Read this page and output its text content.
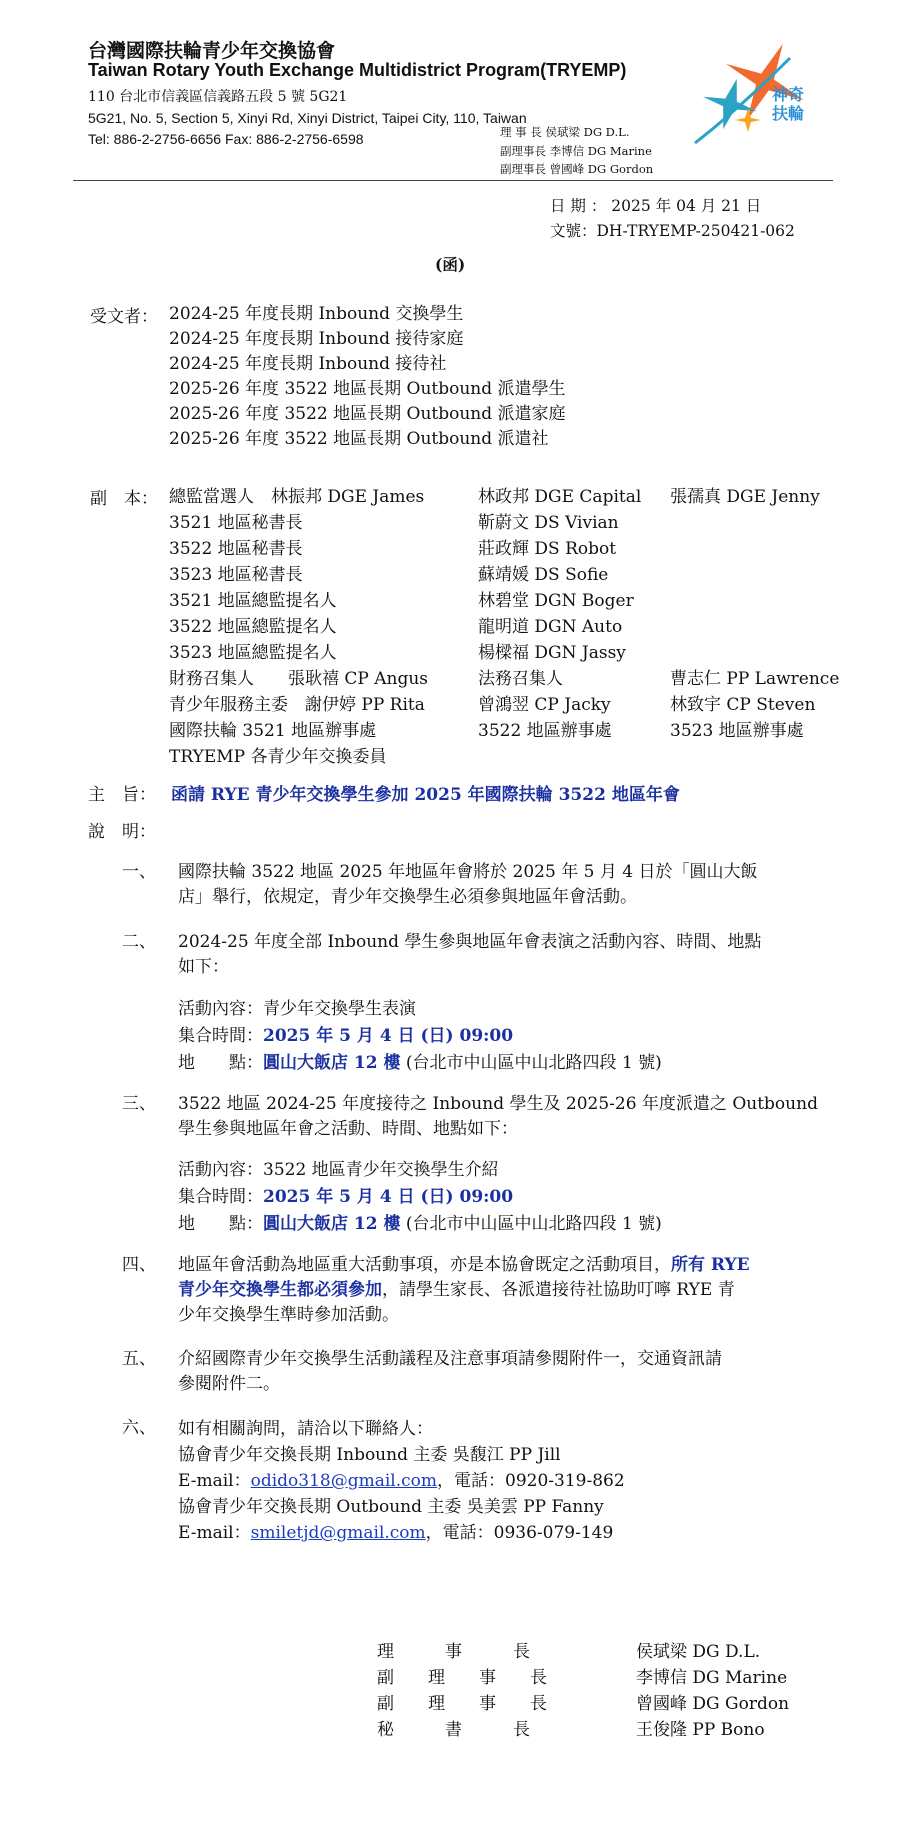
台灣國際扶輪青少年交換協會
Taiwan Rotary Youth Exchange Multidistrict Program(TRYEMP)
110 台北市信義區信義路五段 5 號 5G21
5G21, No. 5, Section 5, Xinyi Rd, Xinyi District, Taipei City, 110, Taiwan
Tel: 886-2-2756-6656 Fax: 886-2-2756-6598	理 事 長 侯珷梁 DG D.L.
副理事長 李博信 DG Marine
副理事長 曾國峰 DG Gordon
神奇
扶輪
日 期 ： 2025 年 04 月 21 日
文號：DH-TRYEMP-250421-062
(函)
受文者： 2024-25 年度長期 Inbound 交換學生
2024-25 年度長期 Inbound 接待家庭
2024-25 年度長期 Inbound 接待社
2025-26 年度 3522 地區長期 Outbound 派遣學生
2025-26 年度 3522 地區長期 Outbound 派遣家庭
2025-26 年度 3522 地區長期 Outbound 派遣社
副　本： 總監當選人　林振邦 DGE James
3521 地區秘書長
3522 地區秘書長
3523 地區秘書長
3521 地區總監提名人
3522 地區總監提名人
3523 地區總監提名人
財務召集人　　張耿禧 CP Angus
青少年服務主委　謝伊婷 PP Rita
國際扶輪 3521 地區辦事處
TRYEMP 各青少年交換委員
林政邦 DGE Capital
靳蔚文 DS Vivian
莊政輝 DS Robot
蘇靖媛 DS Sofie
林碧堂 DGN Boger
龍明道 DGN Auto
楊樑福 DGN Jassy
法務召集人
曾鴻翌 CP Jacky
3522 地區辦事處
張孺真 DGE Jenny
曹志仁 PP Lawrence
林致宇 CP Steven
3523 地區辦事處
主　旨： 函請 RYE 青少年交換學生參加 2025 年國際扶輪 3522 地區年會
說　明：
一、 國際扶輪 3522 地區 2025 年地區年會將於 2025 年 5 月 4 日於「圓山大飯
店」舉行，依規定，青少年交換學生必須參與地區年會活動。
二、 2024-25 年度全部 Inbound 學生參與地區年會表演之活動內容、時間、地點
如下：
活動內容：青少年交換學生表演
集合時間：2025 年 5 月 4 日 (日) 09:00
地　　點：圓山大飯店 12 樓 (台北市中山區中山北路四段 1 號)
三、 3522 地區 2024-25 年度接待之 Inbound 學生及 2025-26 年度派遣之 Outbound
學生參與地區年會之活動、時間、地點如下：
活動內容：3522 地區青少年交換學生介紹
集合時間：2025 年 5 月 4 日 (日) 09:00
地　　點：圓山大飯店 12 樓 (台北市中山區中山北路四段 1 號)
四、 地區年會活動為地區重大活動事項，亦是本協會既定之活動項目，所有 RYE
青少年交換學生都必須參加，請學生家長、各派遣接待社協助叮嚀 RYE 青
少年交換學生準時參加活動。
五、 介紹國際青少年交換學生活動議程及注意事項請參閱附件一，交通資訊請
參閱附件二。
六、 如有相關詢問，請洽以下聯絡人：
協會青少年交換長期 Inbound 主委 吳馥江 PP Jill
E-mail：odido318@gmail.com，電話：0920-319-862
協會青少年交換長期 Outbound 主委 吳美雲 PP Fanny
E-mail：smiletjd@gmail.com，電話：0936-079-149
理　　　事　　　長
副　　理　　事　　長
副　　理　　事　　長
秘　　　書　　　長
侯珷梁 DG D.L.
李博信 DG Marine
曾國峰 DG Gordon
王俊隆 PP Bono
